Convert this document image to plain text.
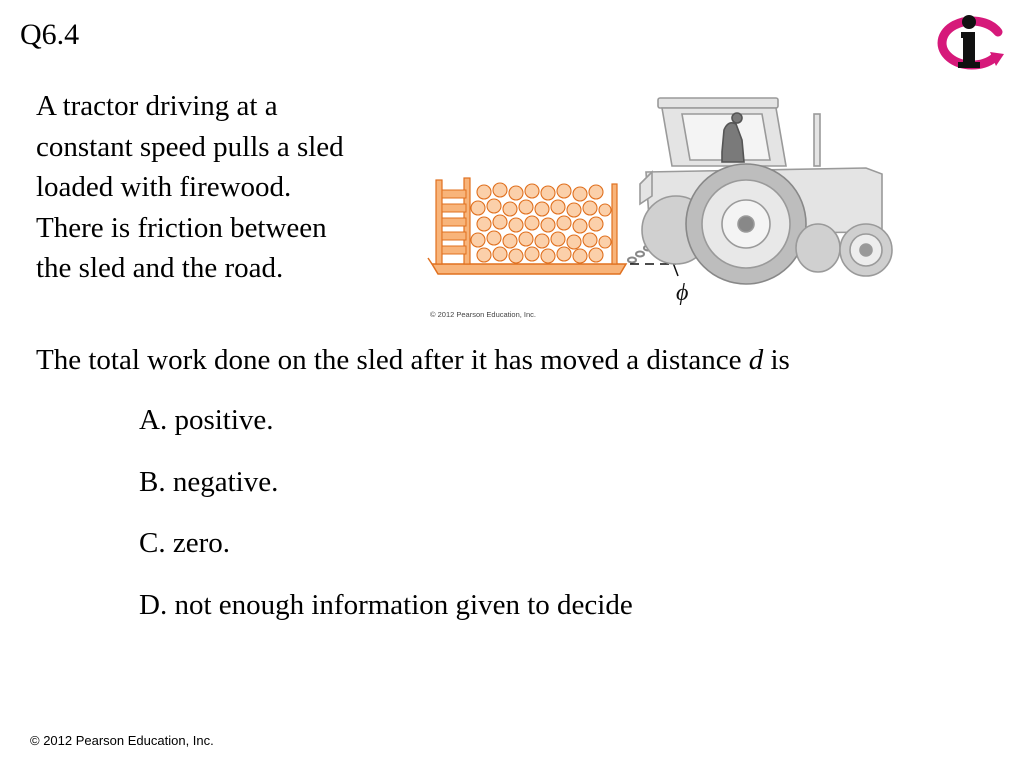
Q6.4
i
A tractor driving at a constant speed pulls a sled loaded with firewood. There is friction between the sled and the road.
ϕ
© 2012 Pearson Education, Inc.
The total work done on the sled after it has moved a distance d is
A. positive.
B. negative.
C. zero.
D. not enough information given to decide
© 2012 Pearson Education, Inc.
